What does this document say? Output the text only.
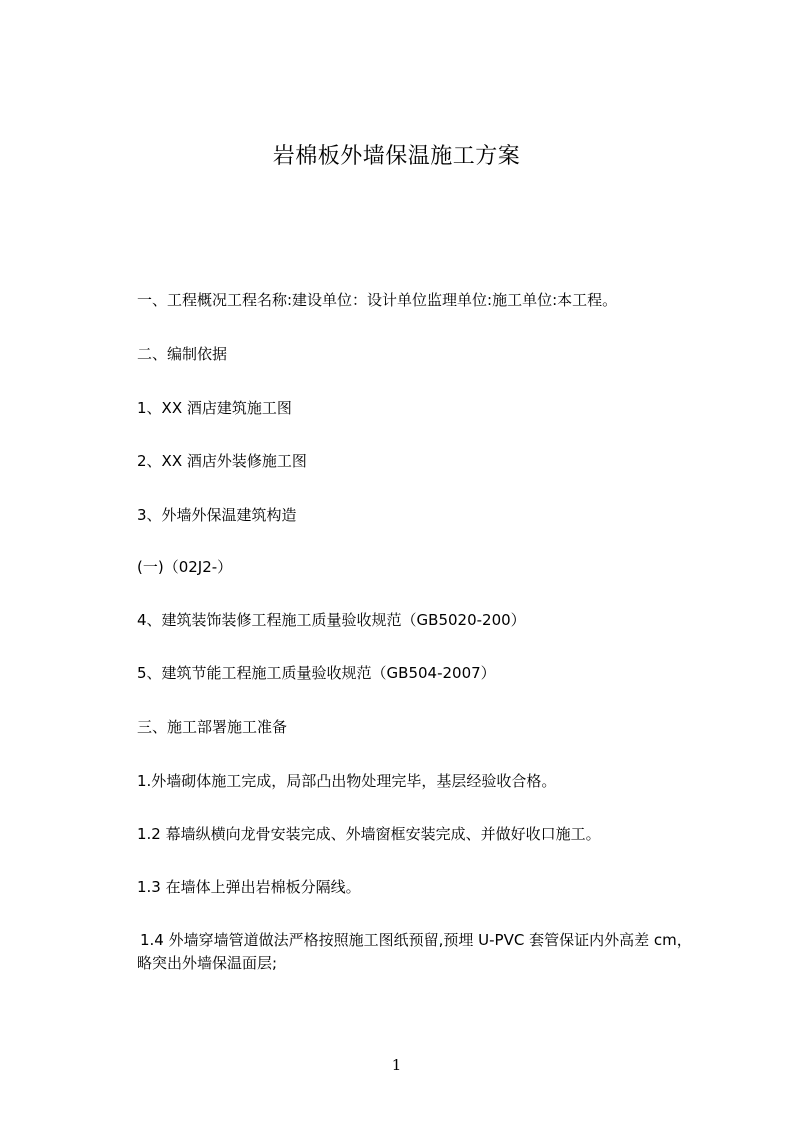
岩棉板外墙保温施工方案
一、工程概况工程名称:建设单位：设计单位监理单位:施工单位:本工程。
二、编制依据
1、XX 酒店建筑施工图
2、XX 酒店外装修施工图
3、外墙外保温建筑构造
(一)（02J2-）
4、建筑装饰装修工程施工质量验收规范（GB5020-200）
5、建筑节能工程施工质量验收规范（GB504-2007）
三、施工部署施工准备
1.外墙砌体施工完成，局部凸出物处理完毕，基层经验收合格。
1.2 幕墙纵横向龙骨安装完成、外墙窗框安装完成、并做好收口施工。
1.3 在墙体上弹出岩棉板分隔线。
1.4 外墙穿墙管道做法严格按照施工图纸预留,预埋 U-PVC 套管保证内外高差 cm，略突出外墙保温面层;
1
